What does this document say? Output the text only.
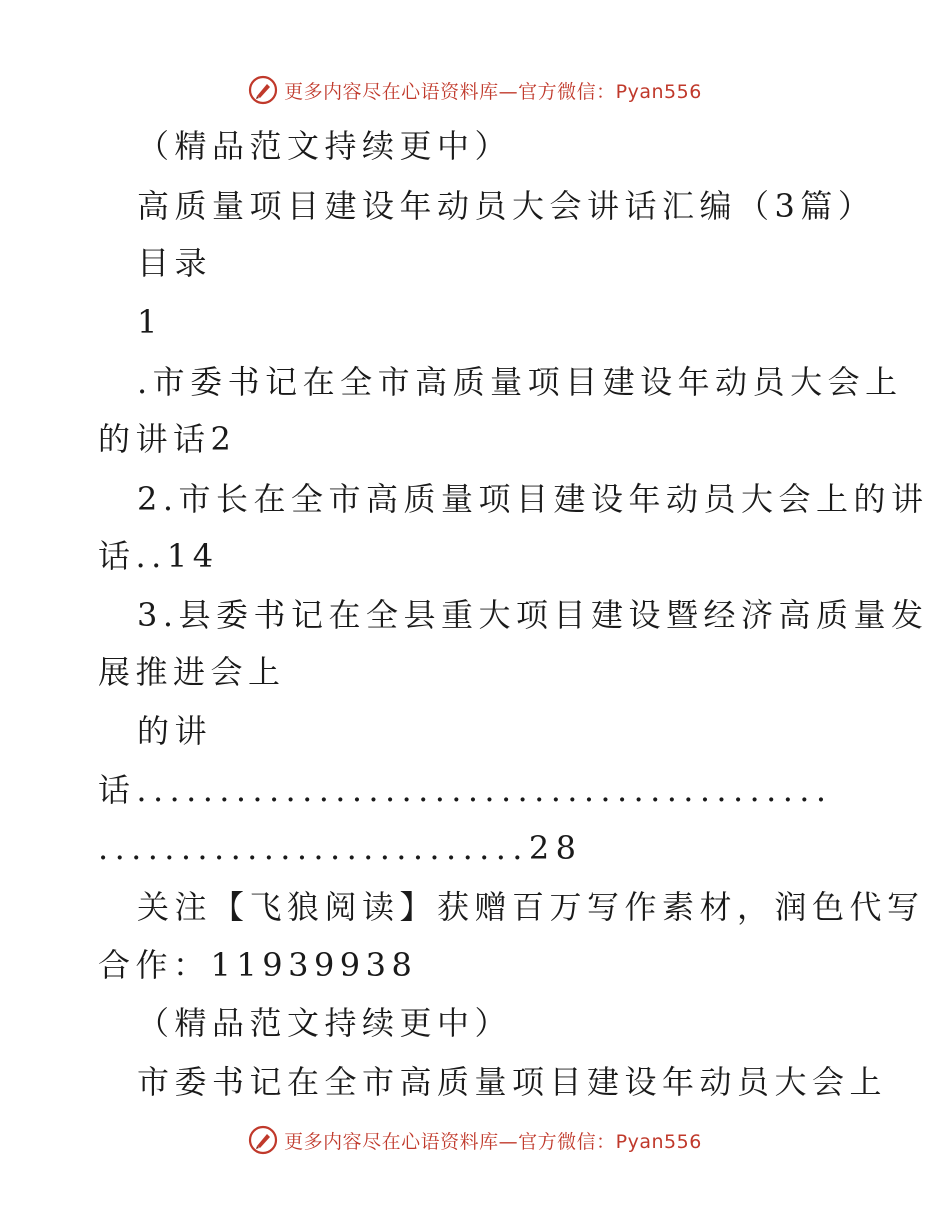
更多内容尽在心语资料库—官方微信：Pyan556
（精品范文持续更中）
高质量项目建设年动员大会讲话汇编（3篇）
目录
1
.市委书记在全市高质量项目建设年动员大会上
的讲话2
2.市长在全市高质量项目建设年动员大会上的讲
话..14
3.县委书记在全县重大项目建设暨经济高质量发
展推进会上
的讲
话..........................................
..........................28
关注【飞狼阅读】获赠百万写作素材，润色代写
合作：11939938
（精品范文持续更中）
市委书记在全市高质量项目建设年动员大会上
更多内容尽在心语资料库—官方微信：Pyan556
